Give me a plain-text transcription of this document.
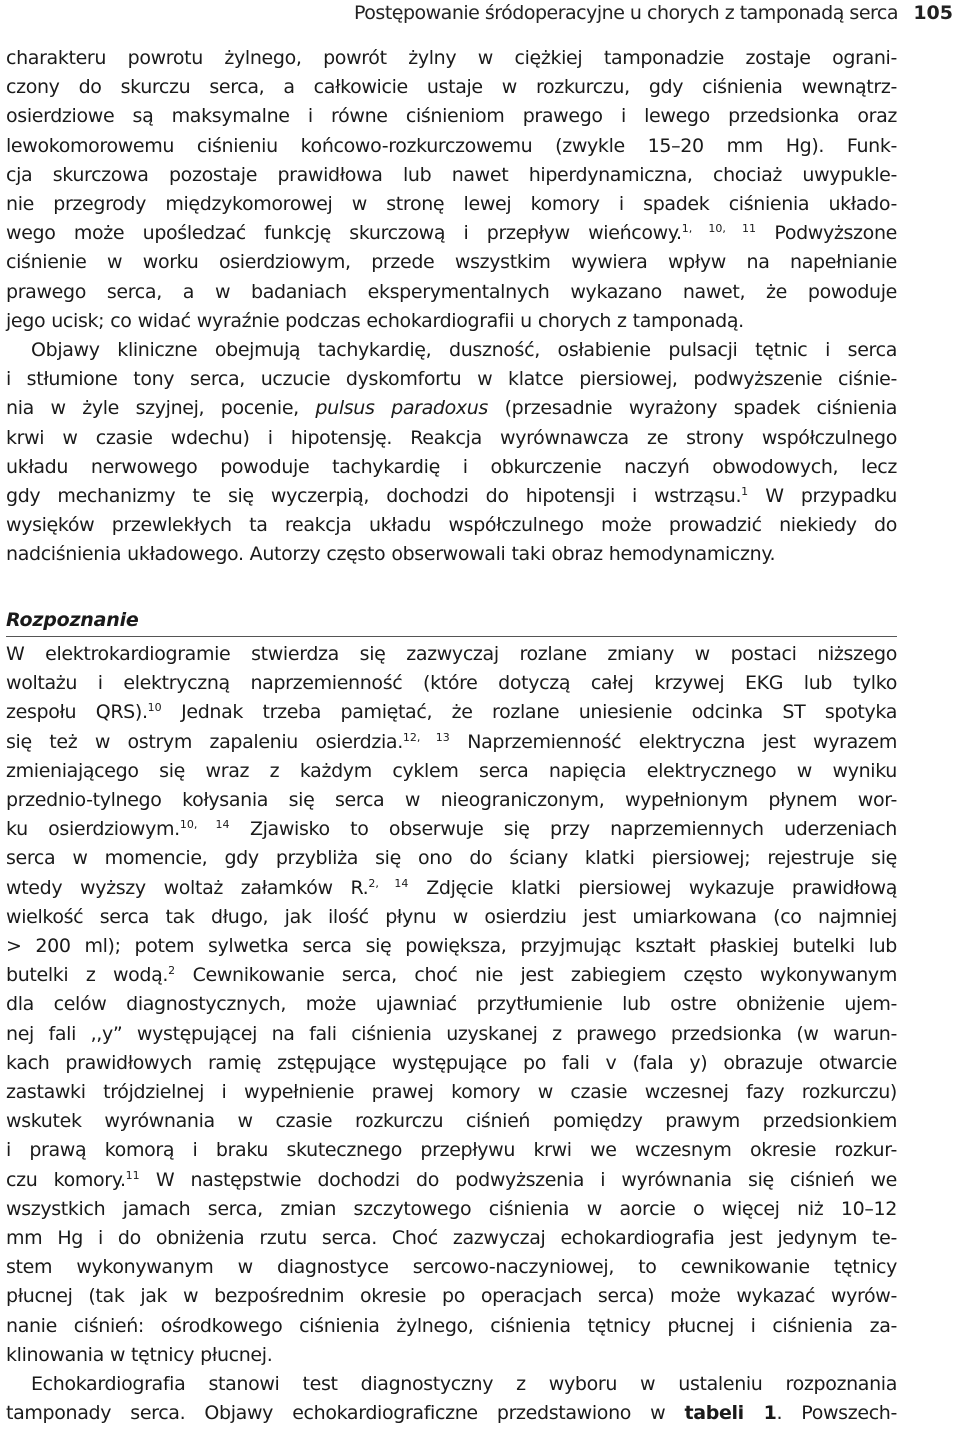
Postępowanie śródoperacyjne u chorych z tamponadą serca 105
charakteru powrotu żylnego, powrót żylny w ciężkiej tamponadzie zostaje ograni-
czony do skurczu serca, a całkowicie ustaje w rozkurczu, gdy ciśnienia wewnątrz-
osierdziowe są maksymalne i równe ciśnieniom prawego i lewego przedsionka oraz
lewokomorowemu ciśnieniu końcowo-rozkurczowemu (zwykle 15–20 mm Hg). Funk-
cja skurczowa pozostaje prawidłowa lub nawet hiperdynamiczna, chociaż uwypukle-
nie przegrody międzykomorowej w stronę lewej komory i spadek ciśnienia układo-
wego może upośledzać funkcję skurczową i przepływ wieńcowy.$^{1, 10, 11}$ Podwyższone
ciśnienie w worku osierdziowym, przede wszystkim wywiera wpływ na napełnianie
prawego serca, a w badaniach eksperymentalnych wykazano nawet, że powoduje
jego ucisk; co widać wyraźnie podczas echokardiografii u chorych z tamponadą.
Objawy kliniczne obejmują tachykardię, duszność, osłabienie pulsacji tętnic i serca
i stłumione tony serca, uczucie dyskomfortu w klatce piersiowej, podwyższenie ciśnie-
nia w żyle szyjnej, pocenie, pulsus paradoxus (przesadnie wyrażony spadek ciśnienia
krwi w czasie wdechu) i hipotensję. Reakcja wyrównawcza ze strony współczulnego
układu nerwowego powoduje tachykardię i obkurczenie naczyń obwodowych, lecz
gdy mechanizmy te się wyczerpią, dochodzi do hipotensji i wstrząsu.$^1$ W przypadku
wysięków przewlekłych ta reakcja układu współczulnego może prowadzić niekiedy do
nadciśnienia układowego. Autorzy często obserwowali taki obraz hemodynamiczny.
Rozpoznanie
W elektrokardiogramie stwierdza się zazwyczaj rozlane zmiany w postaci niższego
woltażu i elektryczną naprzemienność (które dotyczą całej krzywej EKG lub tylko
zespołu QRS).$^{10}$ Jednak trzeba pamiętać, że rozlane uniesienie odcinka ST spotyka
się też w ostrym zapaleniu osierdzia.$^{12, 13}$ Naprzemienność elektryczna jest wyrazem
zmieniającego się wraz z każdym cyklem serca napięcia elektrycznego w wyniku
przednio-tylnego kołysania się serca w nieograniczonym, wypełnionym płynem wor-
ku osierdziowym.$^{10, 14}$ Zjawisko to obserwuje się przy naprzemiennych uderzeniach
serca w momencie, gdy przybliża się ono do ściany klatki piersiowej; rejestruje się
wtedy wyższy woltaż załamków R.$^{2, 14}$ Zdjęcie klatki piersiowej wykazuje prawidłową
wielkość serca tak długo, jak ilość płynu w osierdziu jest umiarkowana (co najmniej
> 200 ml); potem sylwetka serca się powiększa, przyjmując kształt płaskiej butelki lub
butelki z wodą.$^2$ Cewnikowanie serca, choć nie jest zabiegiem często wykonywanym
dla celów diagnostycznych, może ujawniać przytłumienie lub ostre obniżenie ujem-
nej fali ,,y” występującej na fali ciśnienia uzyskanej z prawego przedsionka (w warun-
kach prawidłowych ramię zstępujące występujące po fali v (fala y) obrazuje otwarcie
zastawki trójdzielnej i wypełnienie prawej komory w czasie wczesnej fazy rozkurczu)
wskutek wyrównania w czasie rozkurczu ciśnień pomiędzy prawym przedsionkiem
i prawą komorą i braku skutecznego przepływu krwi we wczesnym okresie rozkur-
czu komory.$^{11}$ W następstwie dochodzi do podwyższenia i wyrównania się ciśnień we
wszystkich jamach serca, zmian szczytowego ciśnienia w aorcie o więcej niż 10–12
mm Hg i do obniżenia rzutu serca. Choć zazwyczaj echokardiografia jest jedynym te-
stem wykonywanym w diagnostyce sercowo-naczyniowej, to cewnikowanie tętnicy
płucnej (tak jak w bezpośrednim okresie po operacjach serca) może wykazać wyrów-
nanie ciśnień: ośrodkowego ciśnienia żylnego, ciśnienia tętnicy płucnej i ciśnienia za-
klinowania w tętnicy płucnej.
Echokardiografia stanowi test diagnostyczny z wyboru w ustaleniu rozpoznania
tamponady serca. Objawy echokardiograficzne przedstawiono w tabeli 1. Powszech-
